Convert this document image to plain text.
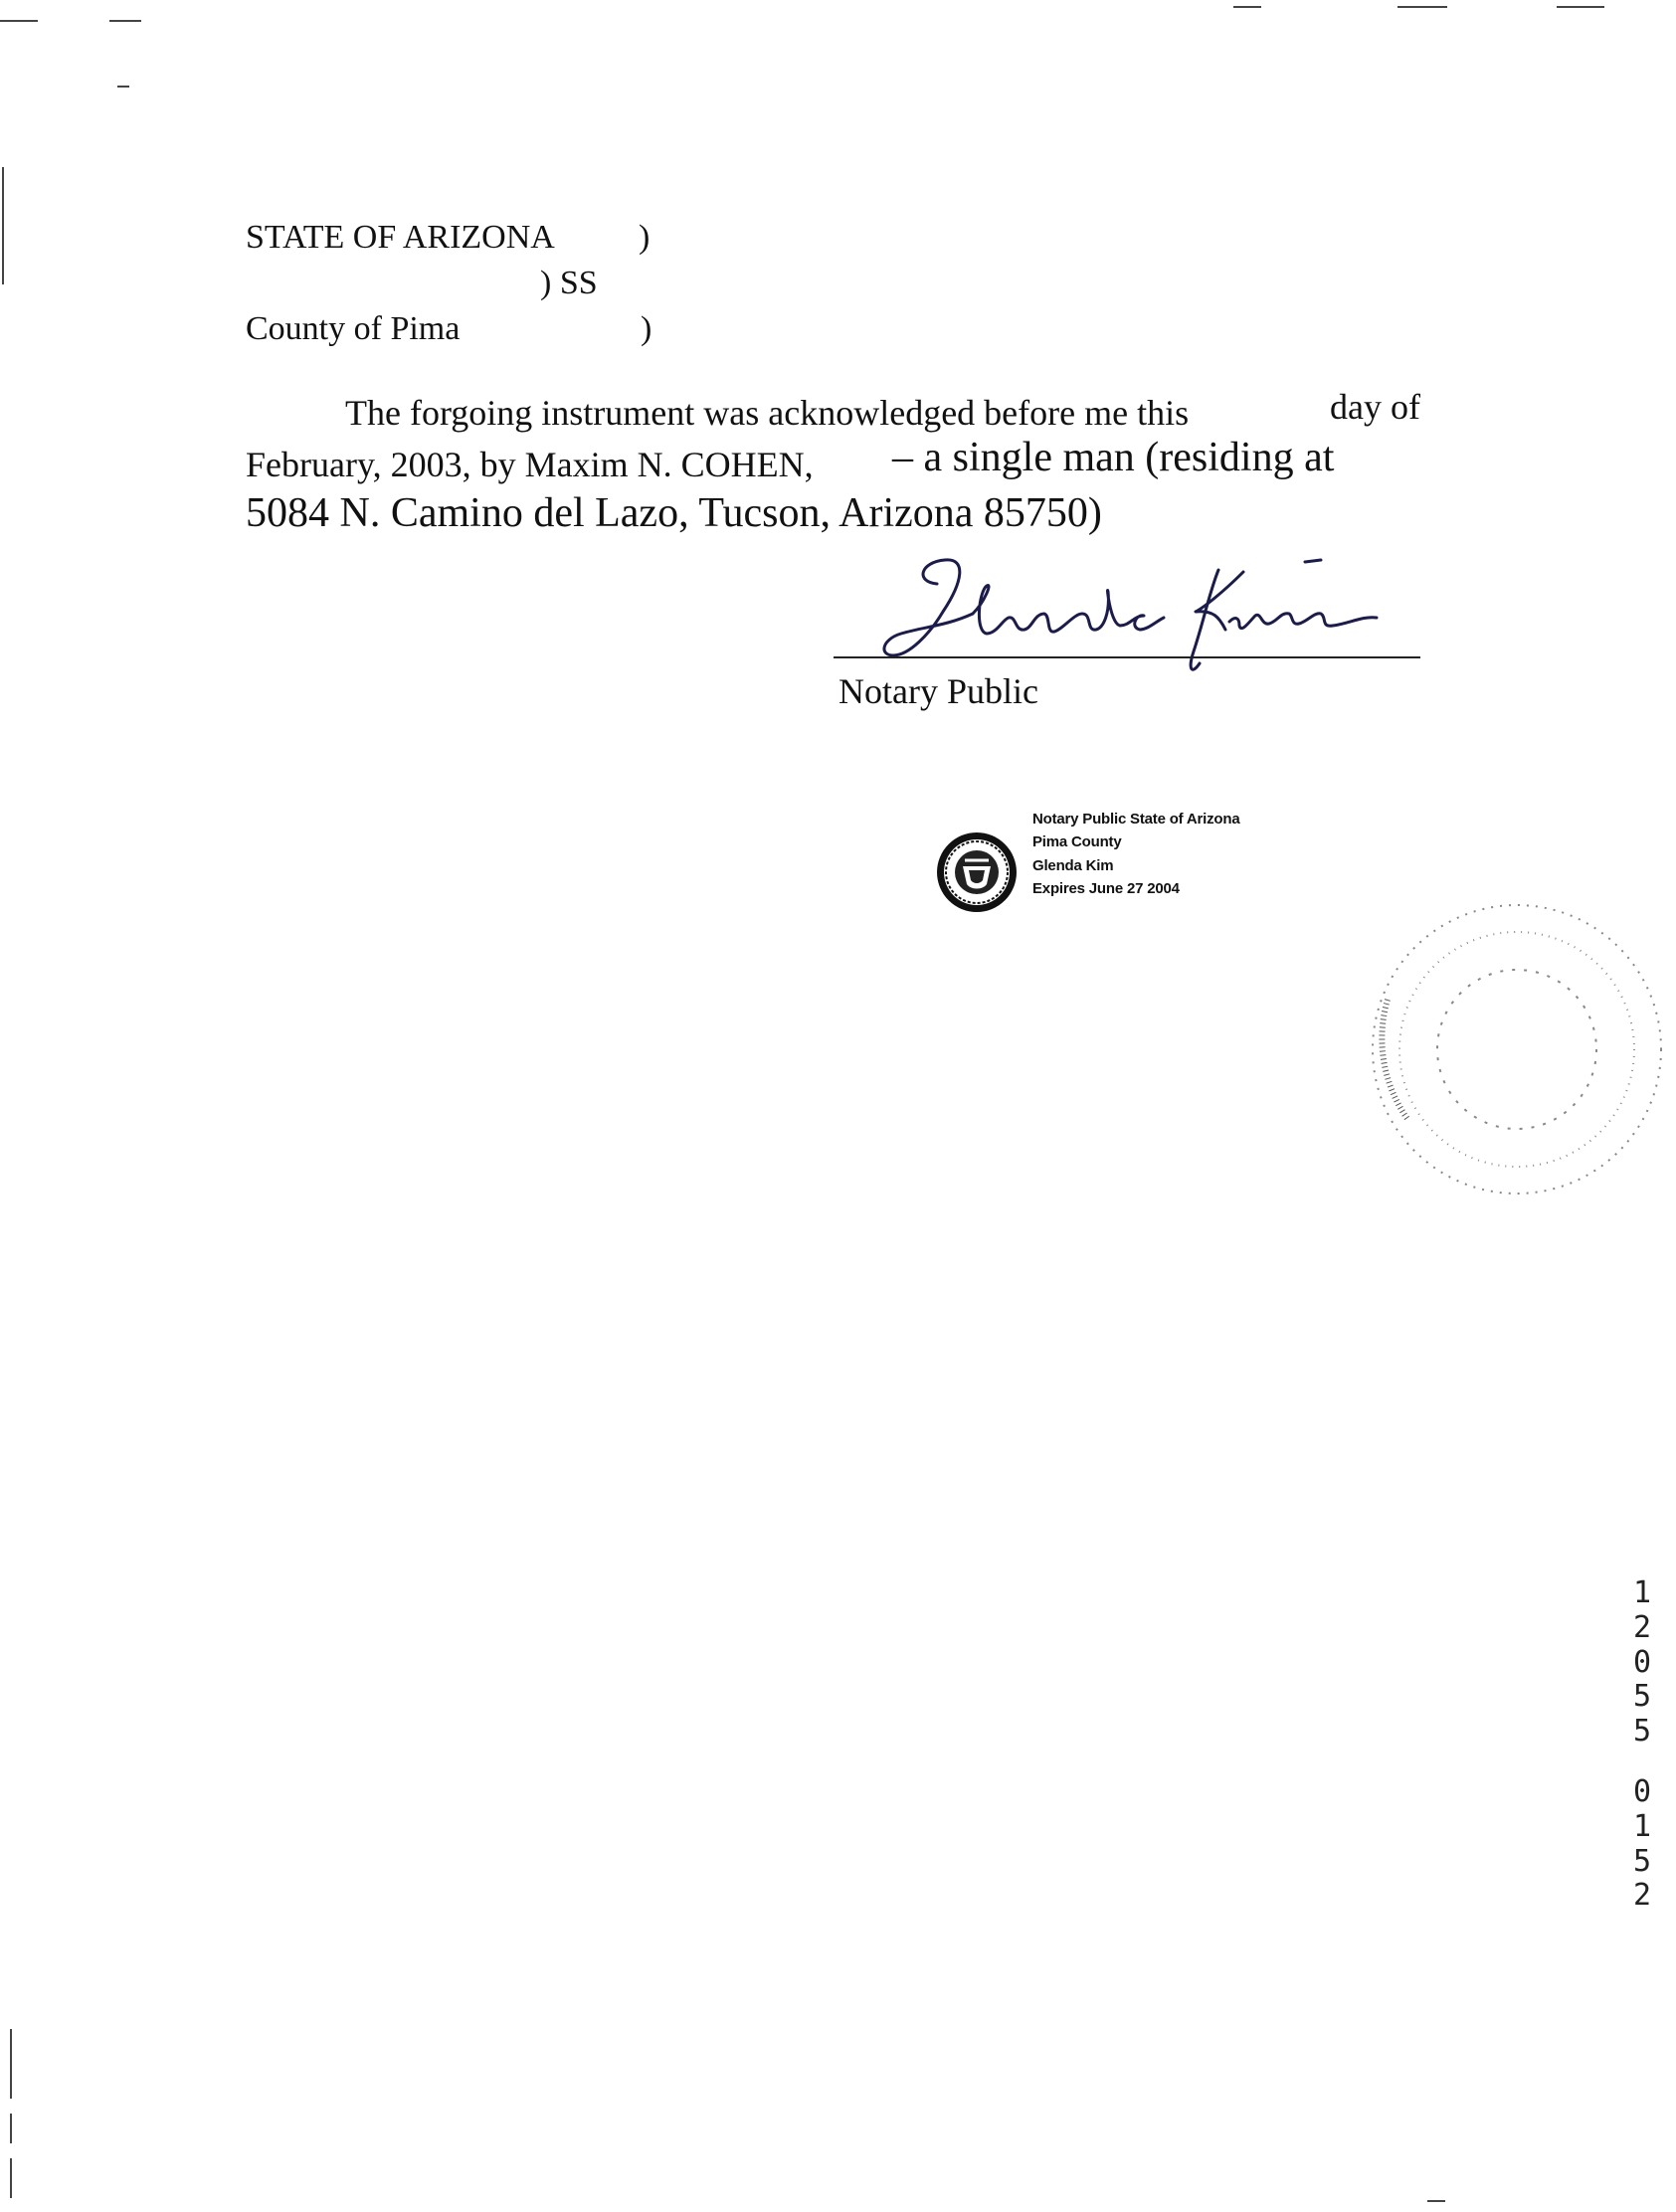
STATE OF ARIZONA )
) SS
County of Pima	)
The forgoing instrument was acknowledged before me this	day of
February, 2003, by Maxim N. COHEN, – a single man (residing at
5084 N. Camino del Lazo, Tucson, Arizona 85750)
Notary Public
Notary Public State of Arizona
Pima County
Glenda Kim
Expires June 27 2004
1
2
0
5
5
0
1
5
2
